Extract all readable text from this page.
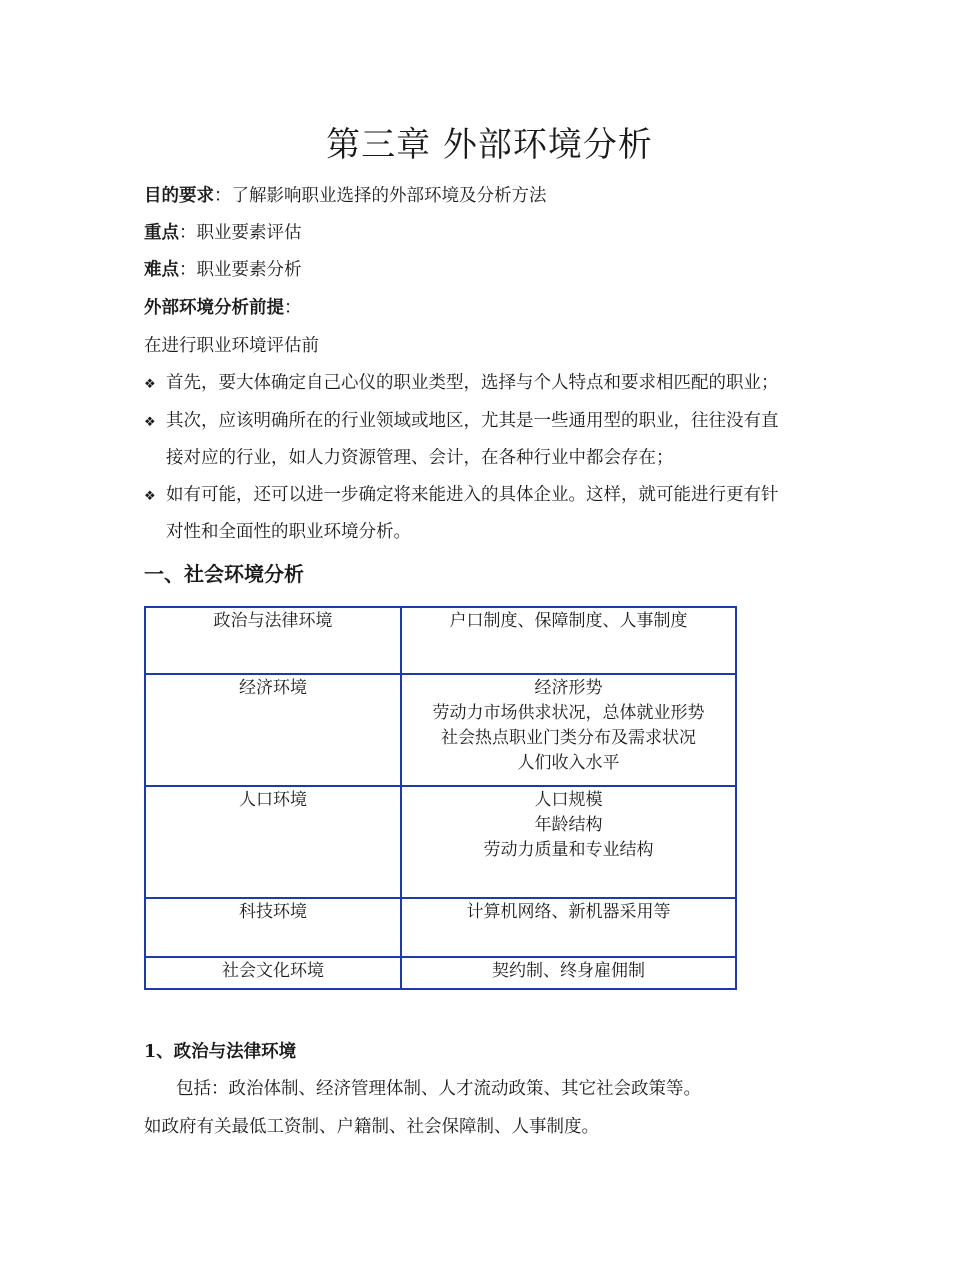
第三章 外部环境分析
目的要求：了解影响职业选择的外部环境及分析方法
重点：职业要素评估
难点：职业要素分析
外部环境分析前提：
在进行职业环境评估前
❖ 首先，要大体确定自己心仪的职业类型，选择与个人特点和要求相匹配的职业；
❖ 其次，应该明确所在的行业领域或地区，尤其是一些通用型的职业，往往没有直
接对应的行业，如人力资源管理、会计，在各种行业中都会存在；
❖ 如有可能，还可以进一步确定将来能进入的具体企业。这样，就可能进行更有针
对性和全面性的职业环境分析。
一、社会环境分析
政治与法律环境	户口制度、保障制度、人事制度

经济环境	经济形势
劳动力市场供求状况，总体就业形势
社会热点职业门类分布及需求状况
人们收入水平

人口环境	人口规模
年龄结构
劳动力质量和专业结构

科技环境	计算机网络、新机器采用等

社会文化环境	契约制、终身雇佣制
1、政治与法律环境
包括：政治体制、经济管理体制、人才流动政策、其它社会政策等。
如政府有关最低工资制、户籍制、社会保障制、人事制度。
